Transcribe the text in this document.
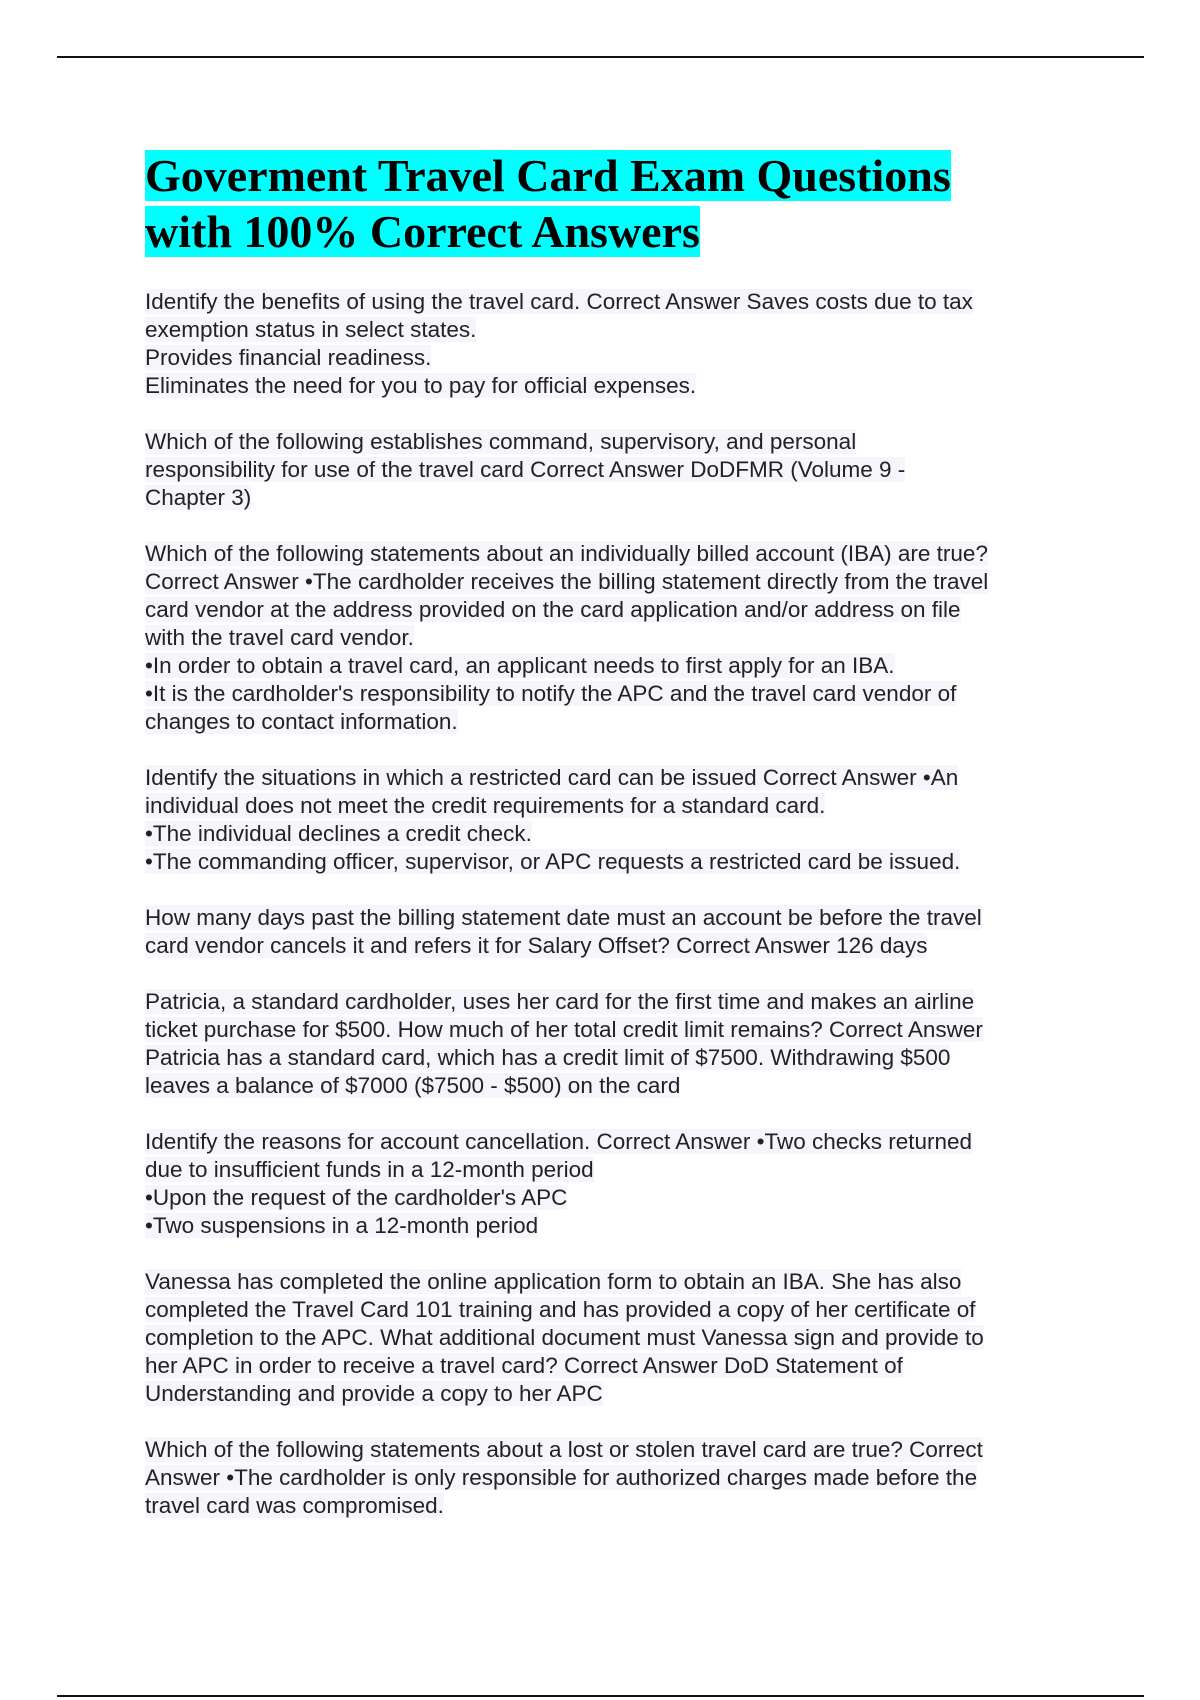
Goverment Travel Card Exam Questions
with 100% Correct Answers
Identify the benefits of using the travel card. Correct Answer Saves costs due to tax
exemption status in select states.
Provides financial readiness.
Eliminates the need for you to pay for official expenses.
Which of the following establishes command, supervisory, and personal
responsibility for use of the travel card Correct Answer DoDFMR (Volume 9 -
Chapter 3)
Which of the following statements about an individually billed account (IBA) are true?
Correct Answer •The cardholder receives the billing statement directly from the travel
card vendor at the address provided on the card application and/or address on file
with the travel card vendor.
•In order to obtain a travel card, an applicant needs to first apply for an IBA.
•It is the cardholder's responsibility to notify the APC and the travel card vendor of
changes to contact information.
Identify the situations in which a restricted card can be issued Correct Answer •An
individual does not meet the credit requirements for a standard card.
•The individual declines a credit check.
•The commanding officer, supervisor, or APC requests a restricted card be issued.
How many days past the billing statement date must an account be before the travel
card vendor cancels it and refers it for Salary Offset? Correct Answer 126 days
Patricia, a standard cardholder, uses her card for the first time and makes an airline
ticket purchase for $500. How much of her total credit limit remains? Correct Answer
Patricia has a standard card, which has a credit limit of $7500. Withdrawing $500
leaves a balance of $7000 ($7500 - $500) on the card
Identify the reasons for account cancellation. Correct Answer •Two checks returned
due to insufficient funds in a 12-month period
•Upon the request of the cardholder's APC
•Two suspensions in a 12-month period
Vanessa has completed the online application form to obtain an IBA. She has also
completed the Travel Card 101 training and has provided a copy of her certificate of
completion to the APC. What additional document must Vanessa sign and provide to
her APC in order to receive a travel card? Correct Answer DoD Statement of
Understanding and provide a copy to her APC
Which of the following statements about a lost or stolen travel card are true? Correct
Answer •The cardholder is only responsible for authorized charges made before the
travel card was compromised.
